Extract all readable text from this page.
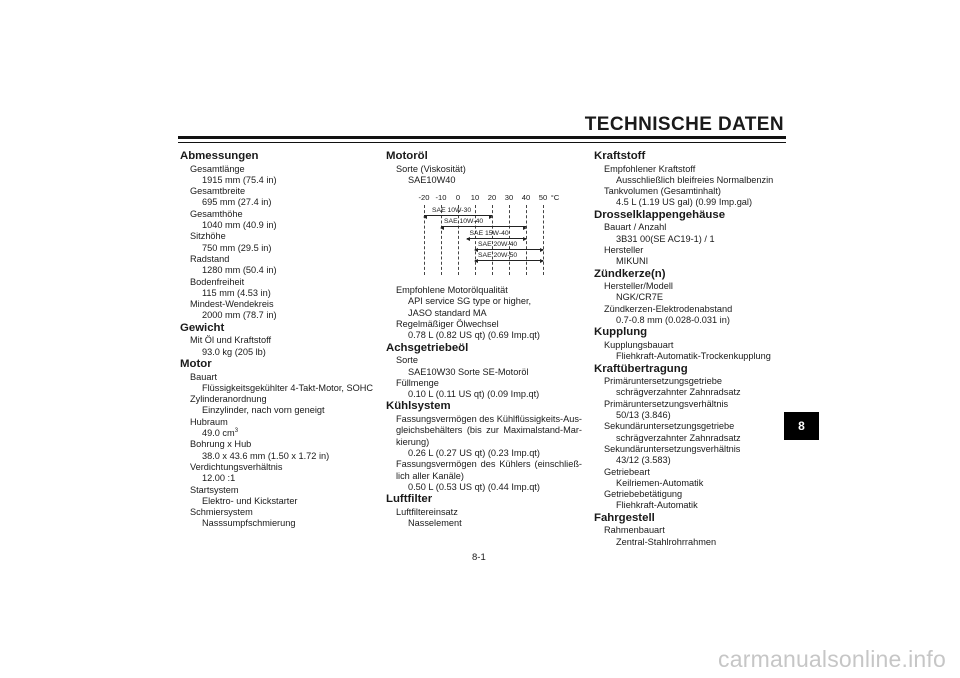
TECHNISCHE DATEN
Abmessungen
Gesamtlänge
1915 mm (75.4 in)
Gesamtbreite
695 mm (27.4 in)
Gesamthöhe
1040 mm (40.9 in)
Sitzhöhe
750 mm (29.5 in)
Radstand
1280 mm (50.4 in)
Bodenfreiheit
115 mm (4.53 in)
Mindest-Wendekreis
2000 mm (78.7 in)
Gewicht
Mit Öl und Kraftstoff
93.0 kg (205 lb)
Motor
Bauart
Flüssigkeitsgekühlter 4-Takt-Motor, SOHC
Zylinderanordnung
Einzylinder, nach vorn geneigt
Hubraum
49.0 $cm^3$
Bohrung x Hub
38.0 x 43.6 mm (1.50 x 1.72 in)
Verdichtungsverhältnis
12.00 :1
Startsystem
Elektro- und Kickstarter
Schmiersystem
Nasssumpfschmierung
Motoröl
Sorte (Viskosität)
SAE10W40
-20 -10 0 10 20 30 40 50 °C
SAE 10W-30
SAE 10W-40
SAE 15W-40
SAE 20W-40
SAE 20W-50
Empfohlene Motorölqualität
API service SG type or higher,
JASO standard MA
Regelmäßiger Ölwechsel
0.78 L (0.82 US qt) (0.69 Imp.qt)
Achsgetriebeöl
Sorte
SAE10W30 Sorte SE-Motoröl
Füllmenge
0.10 L (0.11 US qt) (0.09 Imp.qt)
Kühlsystem
Fassungsvermögen des Kühlflüssigkeits-Aus-gleichsbehälters (bis zur Maximalstand-Mar-kierung)
0.26 L (0.27 US qt) (0.23 Imp.qt)
Fassungsvermögen des Kühlers (einschließ-lich aller Kanäle)
0.50 L (0.53 US qt) (0.44 Imp.qt)
Luftfilter
Luftfiltereinsatz
Nasselement
Kraftstoff
Empfohlener Kraftstoff
Ausschließlich bleifreies Normalbenzin
Tankvolumen (Gesamtinhalt)
4.5 L (1.19 US gal) (0.99 Imp.gal)
Drosselklappengehäuse
Bauart / Anzahl
3B31 00(SE AC19-1) / 1
Hersteller
MIKUNI
Zündkerze(n)
Hersteller/Modell
NGK/CR7E
Zündkerzen-Elektrodenabstand
0.7-0.8 mm (0.028-0.031 in)
Kupplung
Kupplungsbauart
Fliehkraft-Automatik-Trockenkupplung
Kraftübertragung
Primäruntersetzungsgetriebe
schrägverzahnter Zahnradsatz
Primäruntersetzungsverhältnis
50/13 (3.846)
Sekundäruntersetzungsgetriebe
schrägverzahnter Zahnradsatz
Sekundäruntersetzungsverhältnis
43/12 (3.583)
Getriebeart
Keilriemen-Automatik
Getriebebetätigung
Fliehkraft-Automatik
Fahrgestell
Rahmenbauart
Zentral-Stahlrohrrahmen
8
8-1
carmanualsonline.info
